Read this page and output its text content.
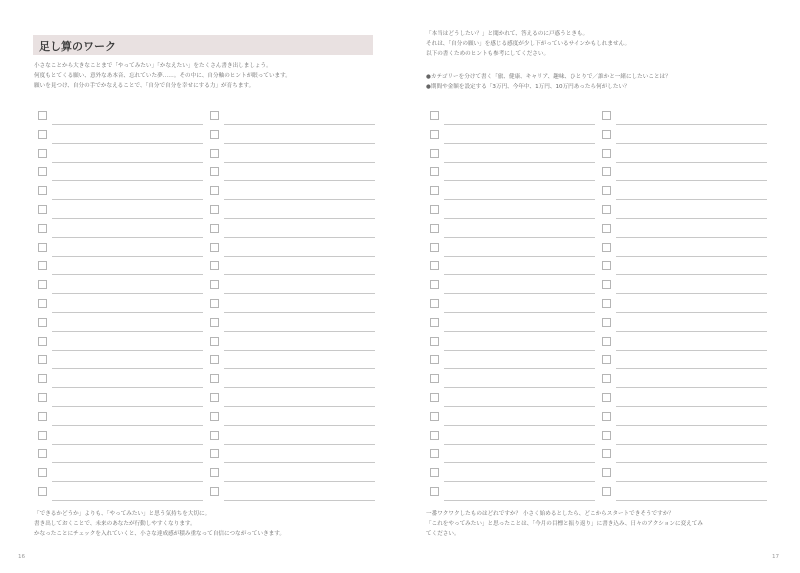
足し算のワーク
小さなことから大きなことまで「やってみたい」「かなえたい」をたくさん書き出しましょう。
何度もとてくる願い、意外なあ本音、忘れていた夢……。その中に、自分軸のヒントが眠っています。
願いを見つけ、自分の手でかなえることで、「自分で自分を幸せにする力」が育ちます。
「できるかどうか」よりも、「やってみたい」と思う気持ちを大切に。
書き出しておくことで、未来のあなたが行動しやすくなります。
かなったことにチェックを入れていくと、小さな達成感が積み重なって自信につながっていきます。
16
「本当はどうしたい？」と聞かれて、答えるのに戸惑うときも。
それは、「自分の願い」を感じる感度が少し下がっているサインかもしれません。
以下の書くためのヒントも参考にしてください。
●カテゴリーを分けて書く「旅、健康、キャリア、趣味、ひとりで／誰かと一緒にしたいことは？
●期間や金額を設定する「3万円、今年中、1万円、10万円あったら何がしたい？
一番ワクワクしたものはどれですか？ 小さく始めるとしたら、どこからスタートできそうですか？
「これをやってみたい」と思ったことは、「今月の目標と振り返り」に書き込み、日々のアクションに変えてみ
てください。
17
